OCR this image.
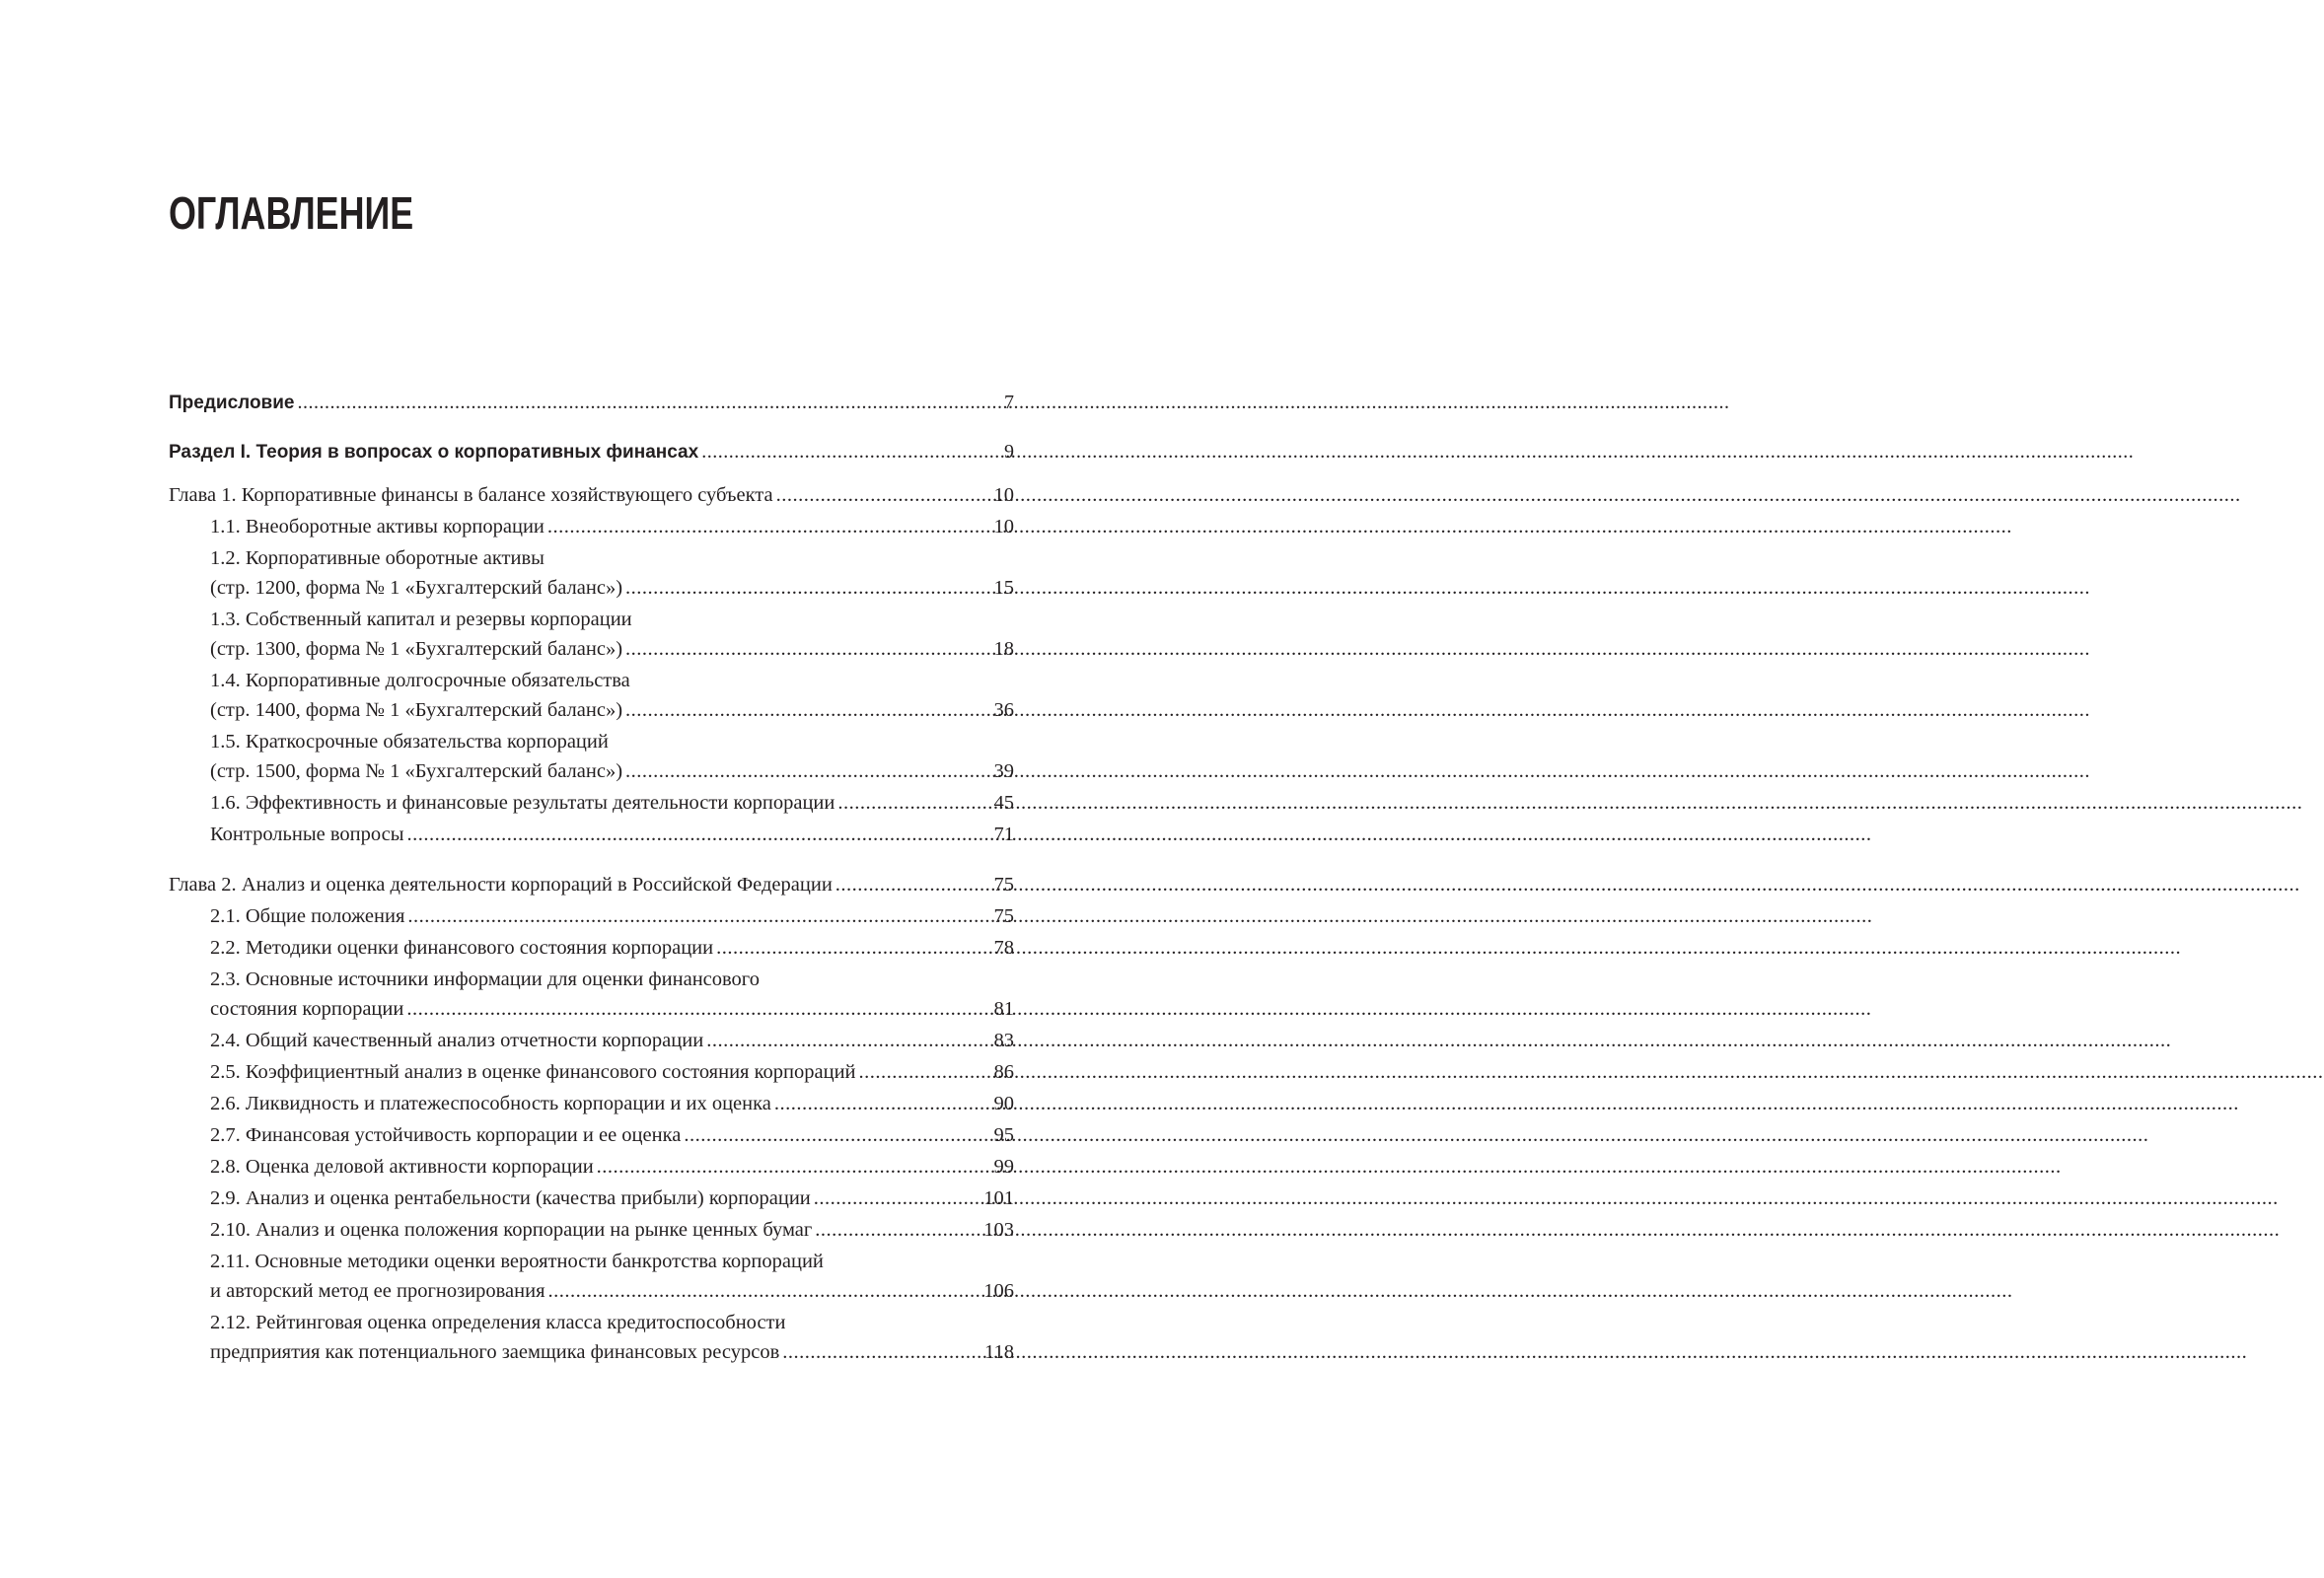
ОГЛАВЛЕНИЕ
Предисловие .....	7
Раздел I. Теория в вопросах о корпоративных финансах .....	9
Глава 1. Корпоративные финансы в балансе хозяйствующего субъекта .....	10
1.1. Внеоборотные активы корпорации .....	10
1.2. Корпоративные оборотные активы
(стр. 1200, форма № 1 «Бухгалтерский баланс») .....	15
1.3. Собственный капитал и резервы корпорации
(стр. 1300, форма № 1 «Бухгалтерский баланс») .....	18
1.4. Корпоративные долгосрочные обязательства
(стр. 1400, форма № 1 «Бухгалтерский баланс») .....	36
1.5. Краткосрочные обязательства корпораций
(стр. 1500, форма № 1 «Бухгалтерский баланс») .....	39
1.6. Эффективность и финансовые результаты деятельности корпорации .....	45
Контрольные вопросы .....	71
Глава 2. Анализ и оценка деятельности корпораций в Российской Федерации .....	75
2.1. Общие положения .....	75
2.2. Методики оценки финансового состояния корпорации .....	78
2.3. Основные источники информации для оценки финансового
состояния корпорации .....	81
2.4. Общий качественный анализ отчетности корпорации .....	83
2.5. Коэффициентный анализ в оценке финансового состояния корпораций .....	86
2.6. Ликвидность и платежеспособность корпорации и их оценка .....	90
2.7. Финансовая устойчивость корпорации и ее оценка .....	95
2.8. Оценка деловой активности корпорации .....	99
2.9. Анализ и оценка рентабельности (качества прибыли) корпорации .....	101
2.10. Анализ и оценка положения корпорации на рынке ценных бумаг .....	103
2.11. Основные методики оценки вероятности банкротства корпораций
и авторский метод ее прогнозирования .....	106
2.12. Рейтинговая оценка определения класса кредитоспособности
предприятия как потенциального заемщика финансовых ресурсов .....	118
